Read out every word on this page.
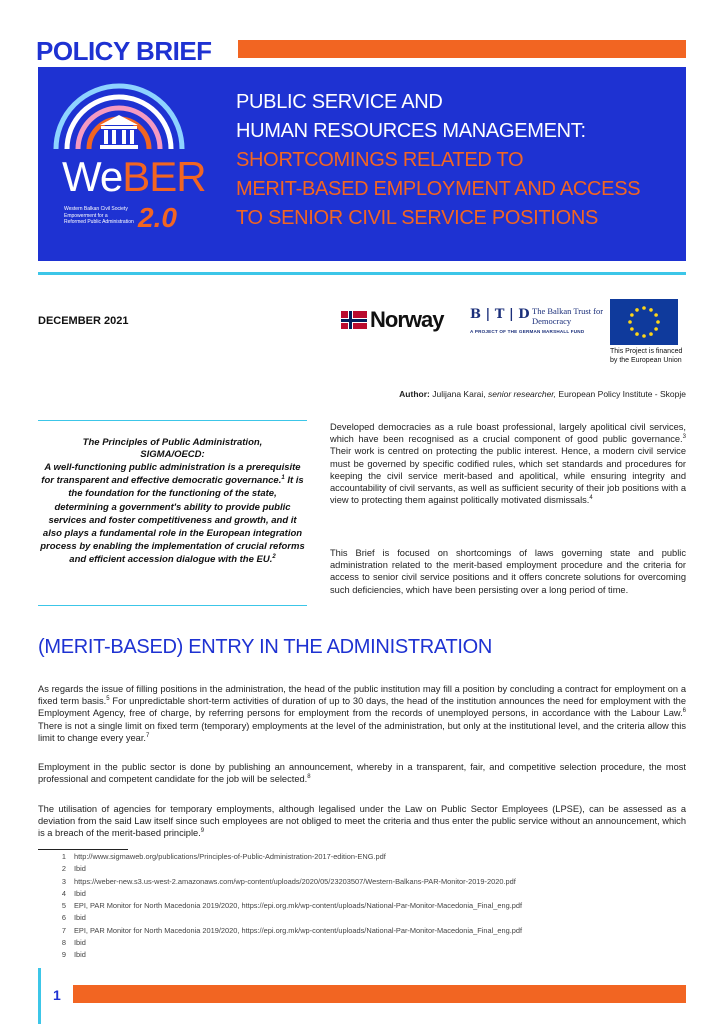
POLICY BRIEF
WeBER
2.0
Western Balkan Civil Society
Empowerment for a
Reformed Public Administration
PUBLIC SERVICE AND
HUMAN RESOURCES MANAGEMENT:
SHORTCOMINGS RELATED TO
MERIT-BASED EMPLOYMENT AND ACCESS
TO SENIOR CIVIL SERVICE POSITIONS
DECEMBER 2021	Norway B | T | D The Balkan Trust for Democracy
A PROJECT OF THE GERMAN MARSHALL FUND
This Project is financed by the European Union
Author: Julijana Karai, senior researcher, European Policy Institute - Skopje
The Principles of Public Administration,
SIGMA/OECD:
A well-functioning public administration is a prerequisite for transparent and effective democratic governance.$^1$ It is the foundation for the functioning of the state, determining a government's ability to provide public services and foster competitiveness and growth, and it also plays a fundamental role in the European integration process by enabling the implementation of crucial reforms and efficient accession dialogue with the EU.$^2$

Developed democracies as a rule boast professional, largely apolitical civil services, which have been recognised as a crucial component of good public governance.$^3$ Their work is centred on protecting the public interest. Hence, a modern civil service must be governed by specific codified rules, which set standards and procedures for keeping the civil service merit-based and apolitical, while ensuring integrity and accountability of civil servants, as well as sufficient security of their job positions with a view to protecting them against politically motivated dismissals.$^4$

This Brief is focused on shortcomings of laws governing state and public administration related to the merit-based employment procedure and the criteria for access to senior civil service positions and it offers concrete solutions for overcoming such deficiencies, which have been persisting over a long period of time.

(MERIT-BASED) ENTRY IN THE ADMINISTRATION

As regards the issue of filling positions in the administration, the head of the public institution may fill a position by concluding a contract for employment on a fixed term basis.$^5$ For unpredictable short-term activities of duration of up to 30 days, the head of the institution announces the need for employment with the Employment Agency, free of charge, by referring persons for employment from the records of unemployed persons, in accordance with the Labour Law.$^6$ There is not a single limit on fixed term (temporary) employments at the level of the administration, but only at the institutional level, and the criteria allow this limit to change every year.$^7$

Employment in the public sector is done by publishing an announcement, whereby in a transparent, fair, and competitive selection procedure, the most professional and competent candidate for the job will be selected.$^8$

The utilisation of agencies for temporary employments, although legalised under the Law on Public Sector Employees (LPSE), can be assessed as a deviation from the said Law itself since such employees are not obliged to meet the criteria and thus enter the public service without an announcement, which is a breach of the merit-based principle.$^9$

1 http://www.sigmaweb.org/publications/Principles-of-Public-Administration-2017-edition-ENG.pdf
2 Ibid
3 https://weber-new.s3.us-west-2.amazonaws.com/wp-content/uploads/2020/05/23203507/Western-Balkans-PAR-Monitor-2019-2020.pdf
4 Ibid
5 EPI, PAR Monitor for North Macedonia 2019/2020, https://epi.org.mk/wp-content/uploads/National-Par-Monitor-Macedonia_Final_eng.pdf
6 Ibid
7 EPI, PAR Monitor for North Macedonia 2019/2020, https://epi.org.mk/wp-content/uploads/National-Par-Monitor-Macedonia_Final_eng.pdf
8 Ibid
9 Ibid
1
